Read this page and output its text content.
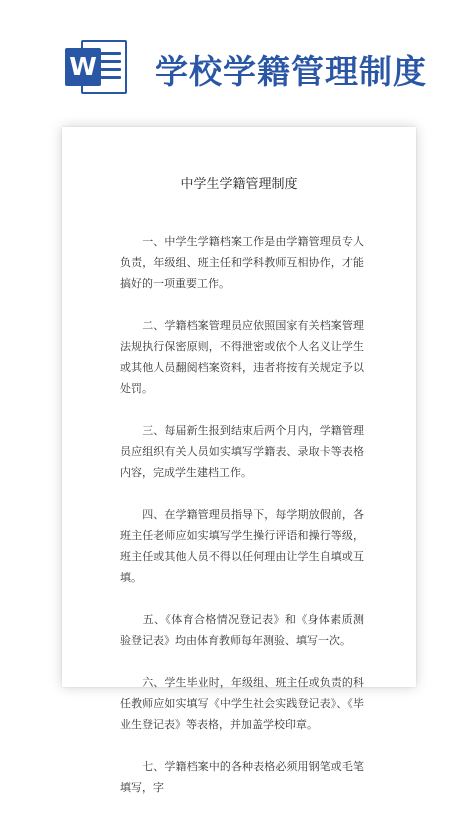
W 学校学籍管理制度
中学生学籍管理制度

　　一、中学生学籍档案工作是由学籍管理员专人负责，年级组、班主任和学科教师互相协作，才能搞好的一项重要工作。

　　二、学籍档案管理员应依照国家有关档案管理法规执行保密原则，不得泄密或依个人名义让学生或其他人员翻阅档案资料，违者将按有关规定予以处罚。

　　三、每届新生报到结束后两个月内，学籍管理员应组织有关人员如实填写学籍表、录取卡等表格内容，完成学生建档工作。

　　四、在学籍管理员指导下，每学期放假前，各班主任老师应如实填写学生操行评语和操行等级，班主任或其他人员不得以任何理由让学生自填或互填。

　　五、《体育合格情况登记表》和《身体素质测验登记表》均由体育教师每年测验、填写一次。

　　六、学生毕业时，年级组、班主任或负责的科任教师应如实填写《中学生社会实践登记表》、《毕业生登记表》等表格，并加盖学校印章。

　　七、学籍档案中的各种表格必须用钢笔或毛笔填写，字
